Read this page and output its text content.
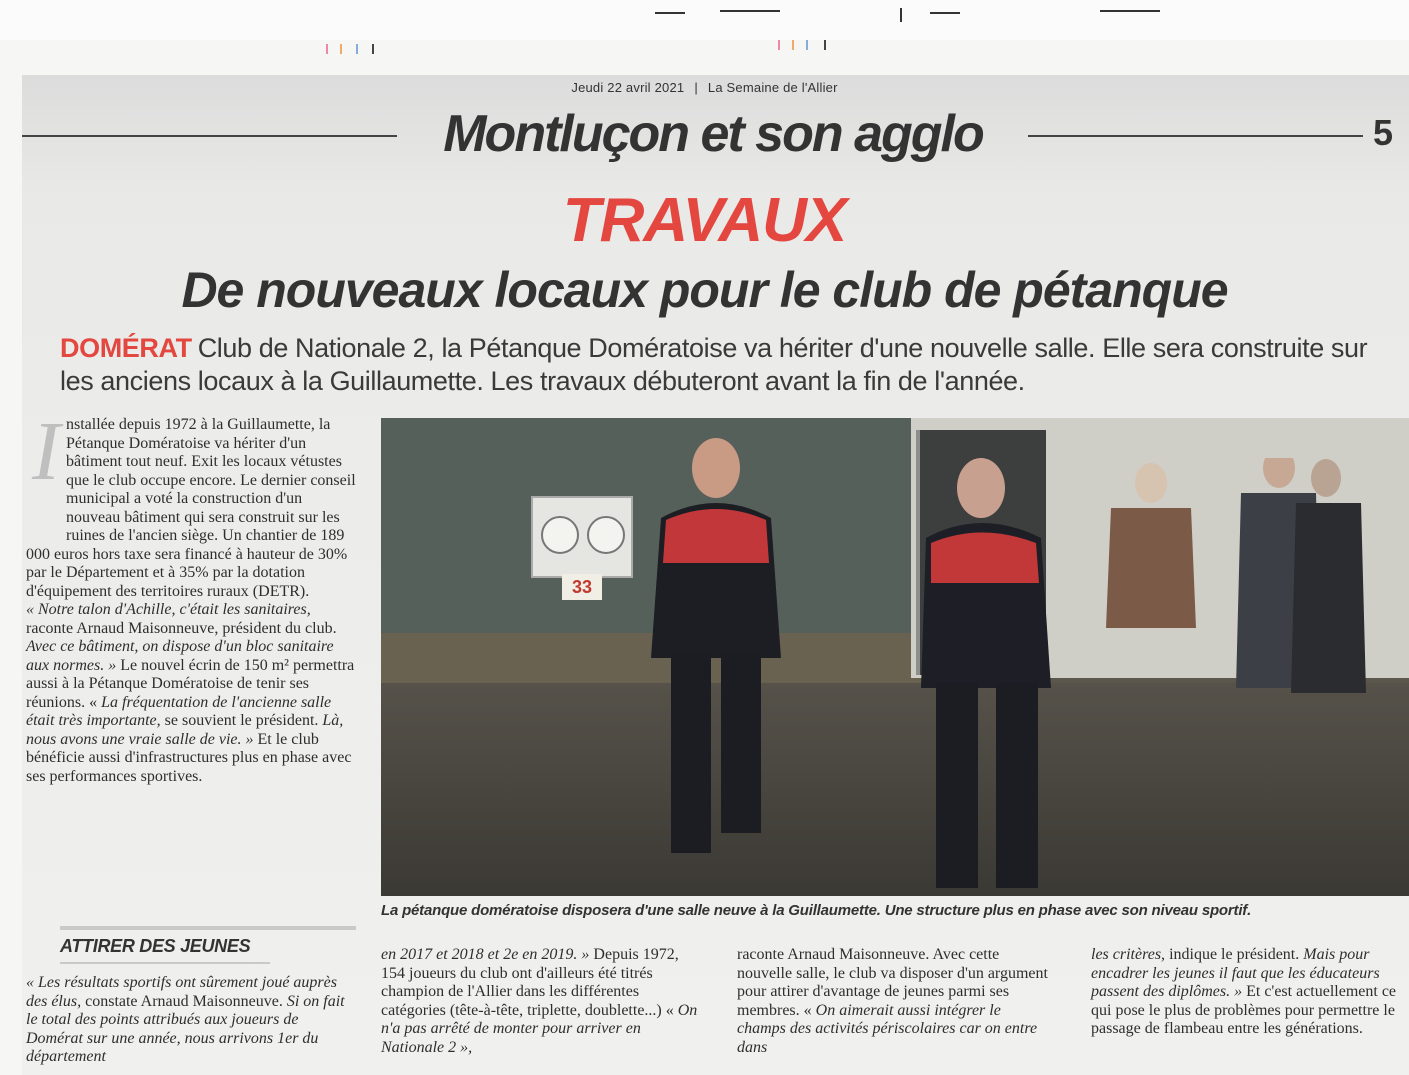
Jeudi 22 avril 2021 | La Semaine de l'Allier
Montluçon et son agglo	5
TRAVAUX
De nouveaux locaux pour le club de pétanque
DOMÉRAT Club de Nationale 2, la Pétanque Domératoise va hériter d'une nouvelle salle. Elle sera construite sur les anciens locaux à la Guillaumette. Les travaux débuteront avant la fin de l'année.
I nstallée depuis 1972 à la Guillaumette, la Pétanque Domératoise va hériter d'un bâtiment tout neuf. Exit les locaux vétustes que le club occupe encore. Le dernier conseil municipal a voté la construction d'un nouveau bâtiment qui sera construit sur les ruines de l'ancien siège. Un chantier de 189 000 euros hors taxe sera financé à hauteur de 30% par le Département et à 35% par la dotation d'équipement des territoires ruraux (DETR).

« Notre talon d'Achille, c'était les sanitaires, raconte Arnaud Maisonneuve, président du club. Avec ce bâtiment, on dispose d'un bloc sanitaire aux normes. » Le nouvel écrin de 150 m² permettra aussi à la Pétanque Domératoise de tenir ses réunions. « La fréquentation de l'ancienne salle était très importante, se souvient le président. Là, nous avons une vraie salle de vie. » Et le club bénéficie aussi d'infrastructures plus en phase avec ses performances sportives.

33
La pétanque domératoise disposera d'une salle neuve à la Guillaumette. Une structure plus en phase avec son niveau sportif.
ATTIRER DES JEUNES
« Les résultats sportifs ont sûrement joué auprès des élus, constate Arnaud Maisonneuve. Si on fait le total des points attribués aux joueurs de Domérat sur une année, nous arrivons 1er du département
en 2017 et 2018 et 2e en 2019. » Depuis 1972, 154 joueurs du club ont d'ailleurs été titrés champion de l'Allier dans les différentes catégories (tête-à-tête, triplette, doublette...) « On n'a pas arrêté de monter pour arriver en Nationale 2 »,
raconte Arnaud Maisonneuve. Avec cette nouvelle salle, le club va disposer d'un argument pour attirer d'avantage de jeunes parmi ses membres. « On aimerait aussi intégrer le champs des activités périscolaires car on entre dans
les critères, indique le président. Mais pour encadrer les jeunes il faut que les éducateurs passent des diplômes. » Et c'est actuellement ce qui pose le plus de problèmes pour permettre le passage de flambeau entre les générations.
